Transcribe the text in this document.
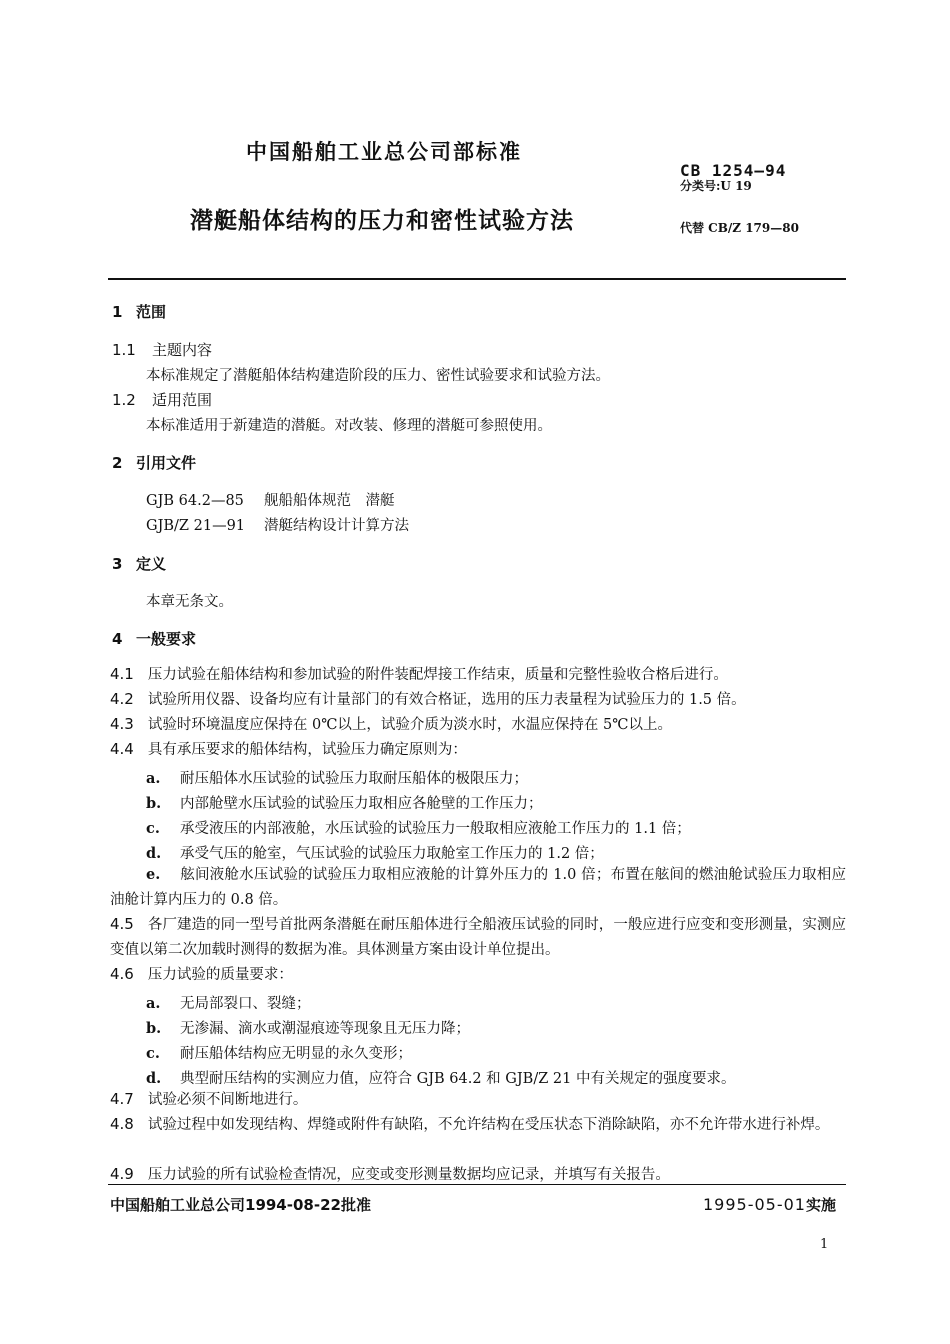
中国船舶工业总公司部标准
CB 1254—94
分类号:U 19
潜艇船体结构的压力和密性试验方法	代替 CB/Z 179—80
1 范围
1.1 主题内容
本标准规定了潜艇船体结构建造阶段的压力、密性试验要求和试验方法。
1.2 适用范围
本标准适用于新建造的潜艇。对改装、修理的潜艇可参照使用。
2 引用文件
GJB 64.2—85 舰船船体规范　潜艇
GJB/Z 21—91 潜艇结构设计计算方法
3 定义
本章无条文。
4 一般要求
4.1 压力试验在船体结构和参加试验的附件装配焊接工作结束，质量和完整性验收合格后进行。
4.2 试验所用仪器、设备均应有计量部门的有效合格证，选用的压力表量程为试验压力的 1.5 倍。
4.3 试验时环境温度应保持在 0℃以上，试验介质为淡水时，水温应保持在 5℃以上。
4.4 具有承压要求的船体结构，试验压力确定原则为：
a. 耐压船体水压试验的试验压力取耐压船体的极限压力；
b. 内部舱壁水压试验的试验压力取相应各舱壁的工作压力；
c. 承受液压的内部液舱，水压试验的试验压力一般取相应液舱工作压力的 1.1 倍；
d. 承受气压的舱室，气压试验的试验压力取舱室工作压力的 1.2 倍；
e. 舷间液舱水压试验的试验压力取相应液舱的计算外压力的 1.0 倍；布置在舷间的燃油舱试验压力取相应油舱计算内压力的 0.8 倍。
4.5 各厂建造的同一型号首批两条潜艇在耐压船体进行全船液压试验的同时，一般应进行应变和变形测量，实测应变值以第二次加载时测得的数据为准。具体测量方案由设计单位提出。
4.6 压力试验的质量要求：
a. 无局部裂口、裂缝；
b. 无渗漏、滴水或潮湿痕迹等现象且无压力降；
c. 耐压船体结构应无明显的永久变形；
d. 典型耐压结构的实测应力值，应符合 GJB 64.2 和 GJB/Z 21 中有关规定的强度要求。
4.7 试验必须不间断地进行。
4.8 试验过程中如发现结构、焊缝或附件有缺陷，不允许结构在受压状态下消除缺陷，亦不允许带水进行补焊。
4.9 压力试验的所有试验检查情况，应变或变形测量数据均应记录，并填写有关报告。
中国船舶工业总公司1994-08-22批准	1995-05-01实施
1
